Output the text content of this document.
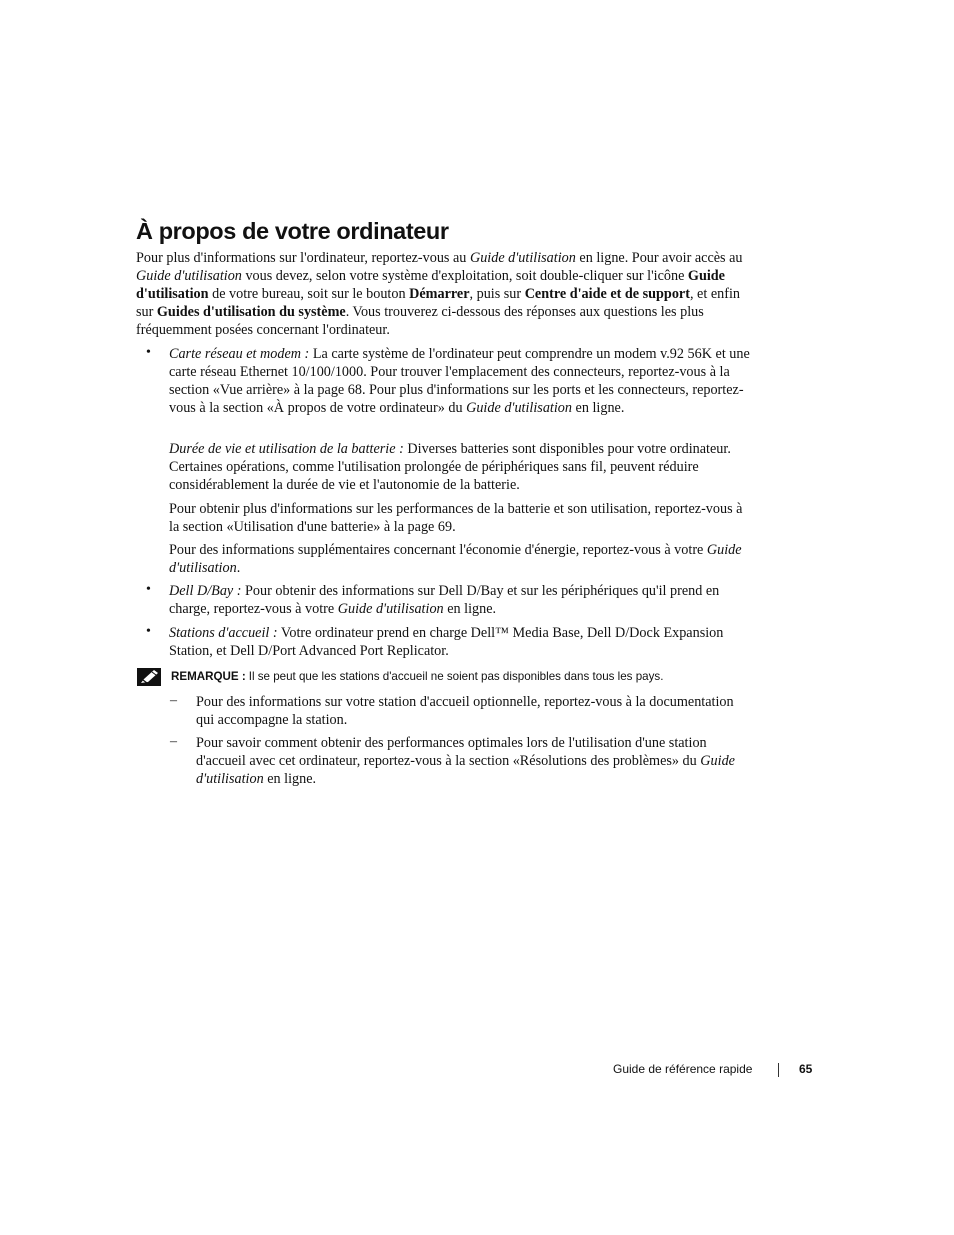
À propos de votre ordinateur

Pour plus d'informations sur l'ordinateur, reportez-vous au Guide d'utilisation en ligne. Pour avoir accès au Guide d'utilisation vous devez, selon votre système d'exploitation, soit double-cliquer sur l'icône Guide d'utilisation de votre bureau, soit sur le bouton Démarrer, puis sur Centre d'aide et de support, et enfin sur Guides d'utilisation du système. Vous trouverez ci-dessous des réponses aux questions les plus fréquemment posées concernant l'ordinateur.

• Carte réseau et modem : La carte système de l'ordinateur peut comprendre un modem v.92 56K et une carte réseau Ethernet 10/100/1000. Pour trouver l'emplacement des connecteurs, reportez-vous à la section «Vue arrière» à la page 68. Pour plus d'informations sur les ports et les connecteurs, reportez-vous à la section «À propos de votre ordinateur» du Guide d'utilisation en ligne.

Durée de vie et utilisation de la batterie : Diverses batteries sont disponibles pour votre ordinateur. Certaines opérations, comme l'utilisation prolongée de périphériques sans fil, peuvent réduire considérablement la durée de vie et l'autonomie de la batterie.

Pour obtenir plus d'informations sur les performances de la batterie et son utilisation, reportez-vous à la section «Utilisation d'une batterie» à la page 69.

Pour des informations supplémentaires concernant l'économie d'énergie, reportez-vous à votre Guide d'utilisation.

• Dell D/Bay : Pour obtenir des informations sur Dell D/Bay et sur les périphériques qu'il prend en charge, reportez-vous à votre Guide d'utilisation en ligne.

• Stations d'accueil : Votre ordinateur prend en charge Dell™ Media Base, Dell D/Dock Expansion Station, et Dell D/Port Advanced Port Replicator.

REMARQUE : Il se peut que les stations d'accueil ne soient pas disponibles dans tous les pays.
– Pour des informations sur votre station d'accueil optionnelle, reportez-vous à la documentation qui accompagne la station.

– Pour savoir comment obtenir des performances optimales lors de l'utilisation d'une station d'accueil avec cet ordinateur, reportez-vous à la section «Résolutions des problèmes» du Guide d'utilisation en ligne.

Guide de référence rapide	65
